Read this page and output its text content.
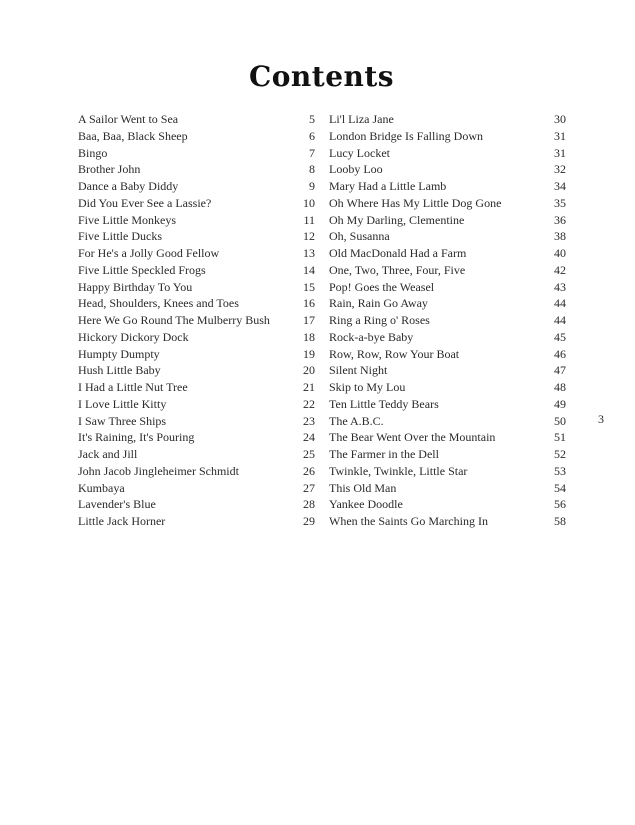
Contents
A Sailor Went to Sea	5
Baa, Baa, Black Sheep	6
Bingo	7
Brother John	8
Dance a Baby Diddy	9
Did You Ever See a Lassie?	10
Five Little Monkeys	11
Five Little Ducks	12
For He's a Jolly Good Fellow	13
Five Little Speckled Frogs	14
Happy Birthday To You	15
Head, Shoulders, Knees and Toes	16
Here We Go Round The Mulberry Bush	17
Hickory Dickory Dock	18
Humpty Dumpty	19
Hush Little Baby	20
I Had a Little Nut Tree	21
I Love Little Kitty	22
I Saw Three Ships	23
It's Raining, It's Pouring	24
Jack and Jill	25
John Jacob Jingleheimer Schmidt	26
Kumbaya	27
Lavender's Blue	28
Little Jack Horner	29
Li'l Liza Jane	30
London Bridge Is Falling Down	31
Lucy Locket	31
Looby Loo	32
Mary Had a Little Lamb	34
Oh Where Has My Little Dog Gone	35
Oh My Darling, Clementine	36
Oh, Susanna	38
Old MacDonald Had a Farm	40
One, Two, Three, Four, Five	42
Pop! Goes the Weasel	43
Rain, Rain Go Away	44
Ring a Ring o' Roses	44
Rock-a-bye Baby	45
Row, Row, Row Your Boat	46
Silent Night	47
Skip to My Lou	48
Ten Little Teddy Bears	49
The A.B.C.	50
The Bear Went Over the Mountain	51
The Farmer in the Dell	52
Twinkle, Twinkle, Little Star	53
This Old Man	54
Yankee Doodle	56
When the Saints Go Marching In	58
3
